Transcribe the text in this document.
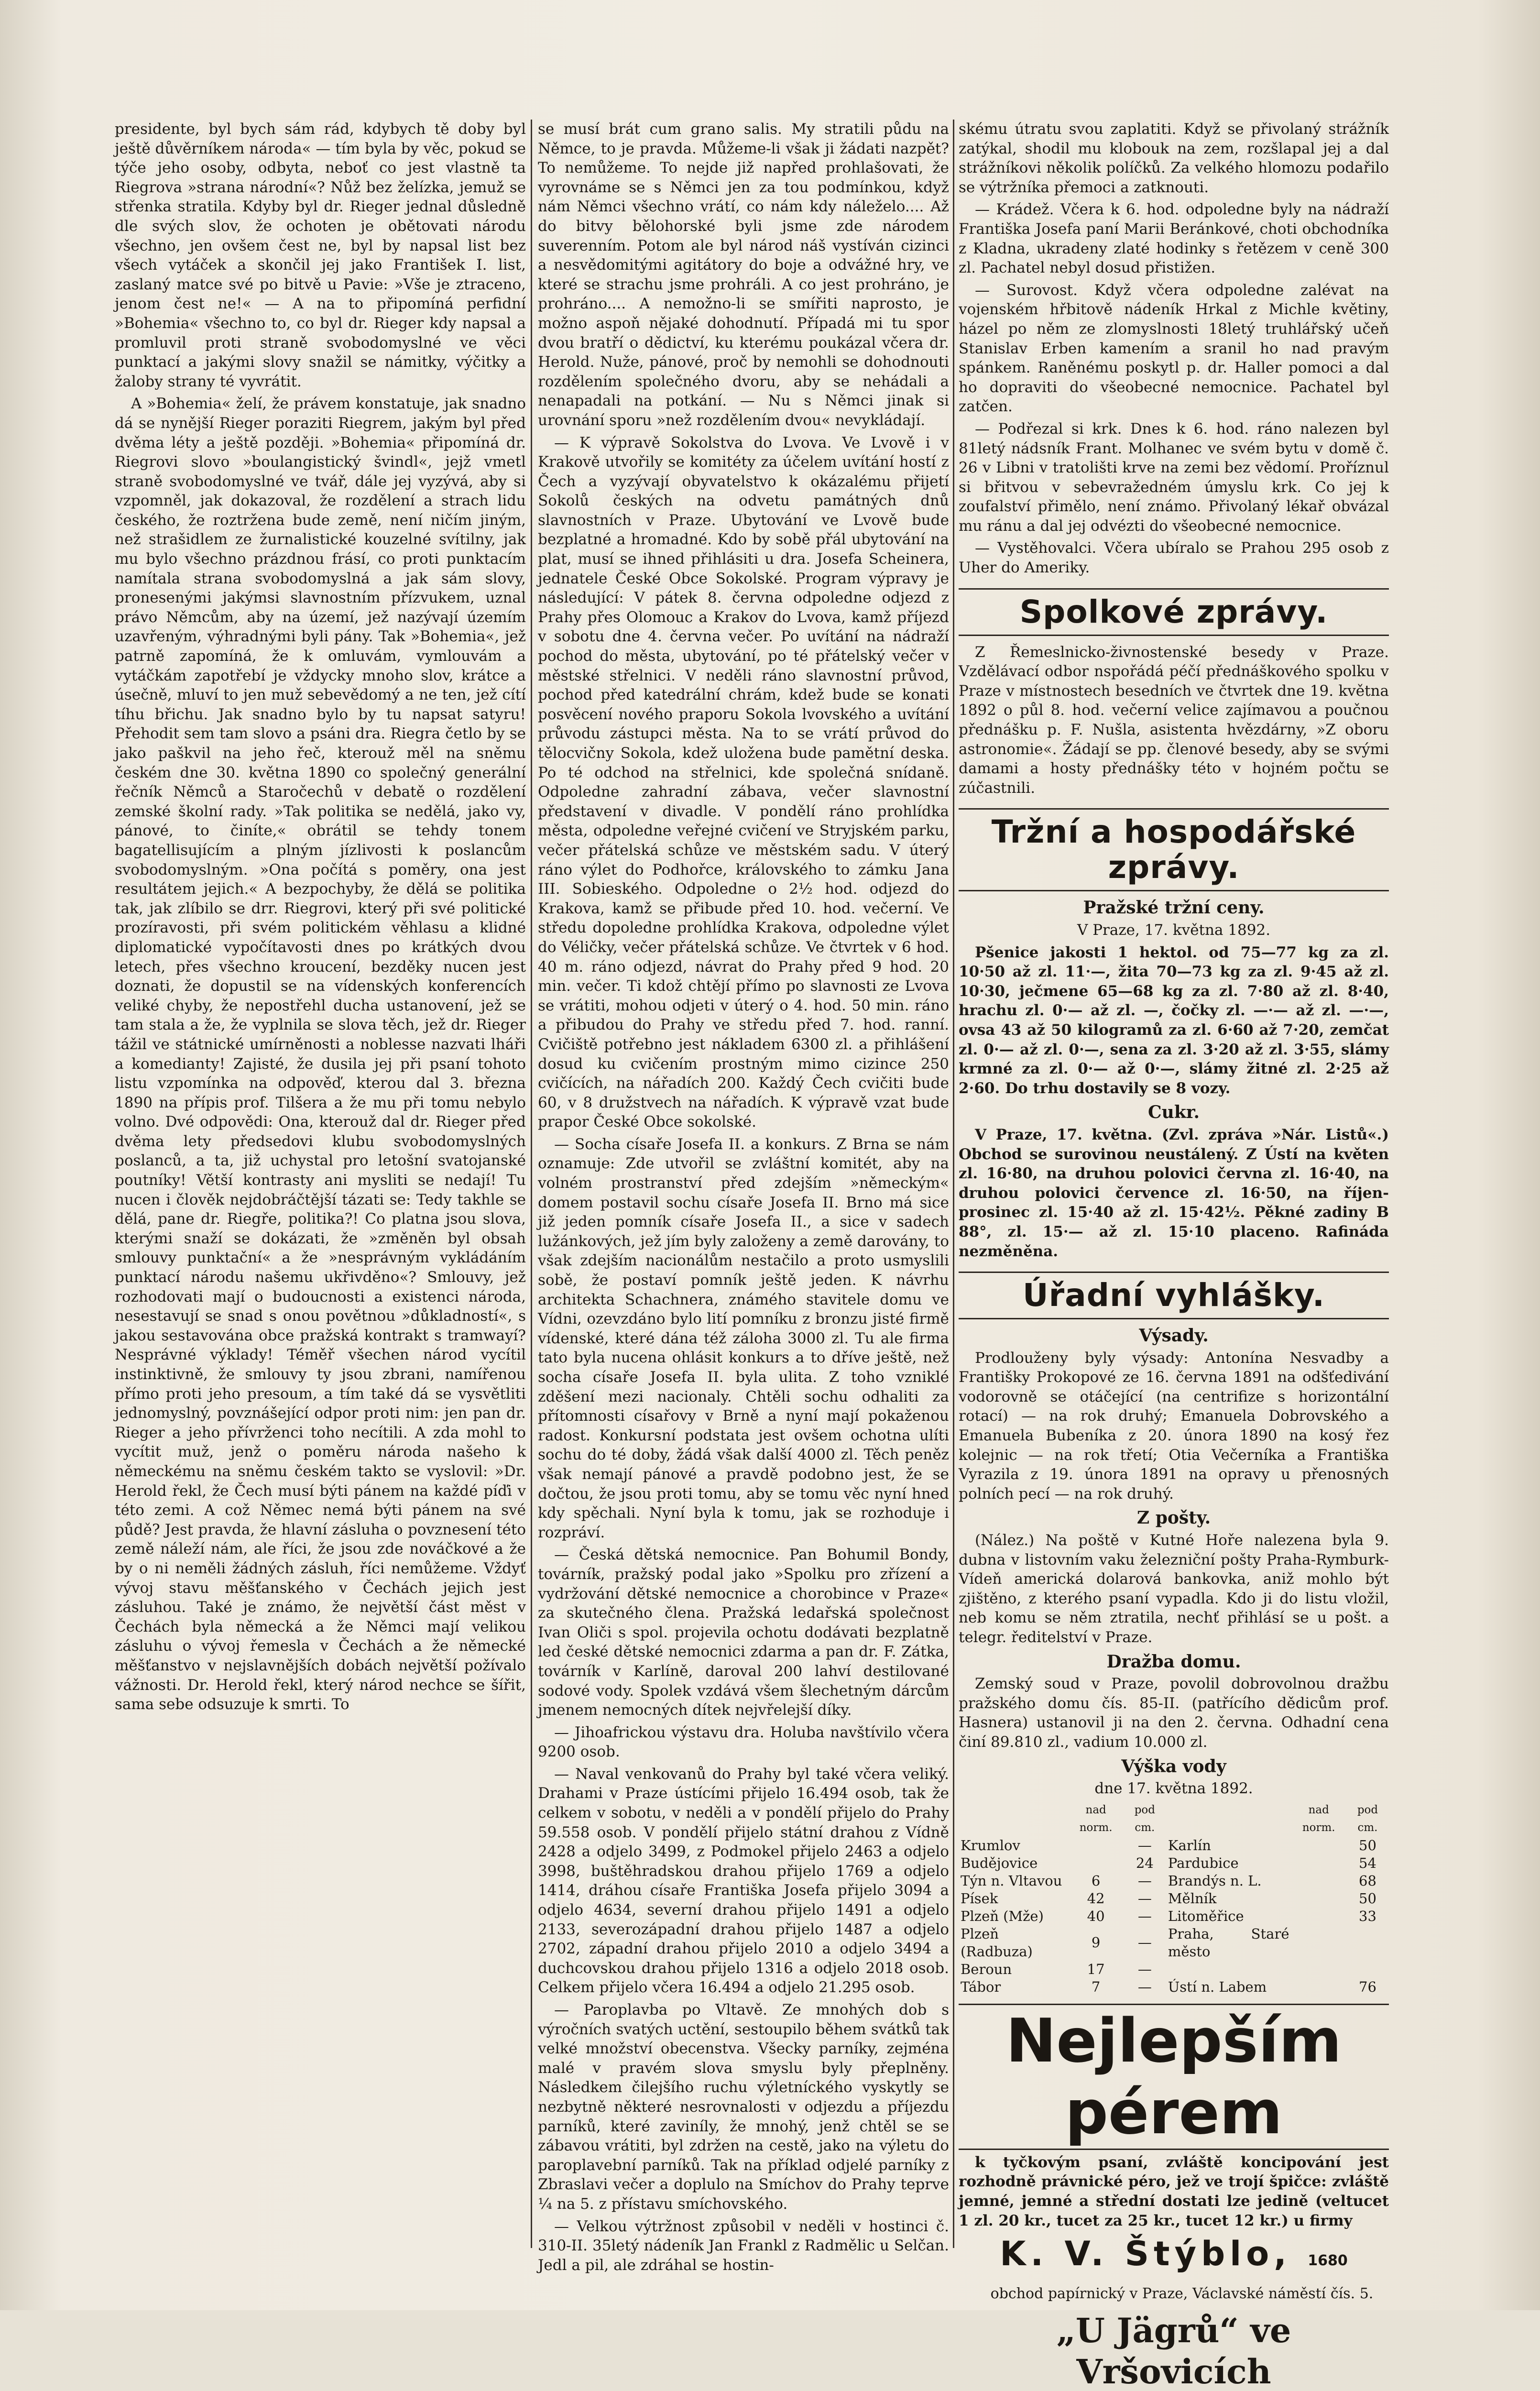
presidente, byl bych sám rád, kdybych tě doby byl ještě důvěrníkem národa« — tím byla by věc, pokud se týče jeho osoby, odbyta, neboť co jest vlastně ta Riegrova »strana národní«? Nůž bez želízka, jemuž se střenka stratila. Kdyby byl dr. Rieger jednal důsledně dle svých slov, že ochoten je obětovati národu všechno, jen ovšem čest ne, byl by napsal list bez všech vytáček a skončil jej jako František I. list, zaslaný matce své po bitvě u Pavie: »Vše je ztraceno, jenom čest ne!« — A na to připomíná perfidní »Bohemia« všechno to, co byl dr. Rieger kdy napsal a promluvil proti straně svobodomyslné ve věci punktací a jakými slovy snažil se námitky, výčitky a žaloby strany té vyvrátit.

A »Bohemia« želí, že právem konstatuje, jak snadno dá se nynější Rieger poraziti Riegrem, jakým byl před dvěma léty a ještě později. »Bohemia« připomíná dr. Riegrovi slovo »boulangistický švindl«, jejž vmetl straně svobodomyslné ve tvář, dále jej vyzývá, aby si vzpomněl, jak dokazoval, že rozdělení a strach lidu českého, že roztržena bude země, není ničím jiným, než strašidlem ze žurnalistické kouzelné svítilny, jak mu bylo všechno prázdnou frásí, co proti punktacím namítala strana svobodomyslná a jak sám slovy, pronesenými jakýmsi slavnostním přízvukem, uznal právo Němcům, aby na území, jež nazývají územím uzavřeným, výhradnými byli pány. Tak »Bohemia«, jež patrně zapomíná, že k omluvám, vymlouvám a vytáčkám zapotřebí je vždycky mnoho slov, krátce a úsečně, mluví to jen muž sebevědomý a ne ten, jež cítí tíhu břichu. Jak snadno bylo by tu napsat satyru! Přehodit sem tam slovo a psáni dra. Riegra četlo by se jako paškvil na jeho řeč, kterouž měl na sněmu českém dne 30. května 1890 co společný generální řečník Němců a Staročechů v debatě o rozdělení zemské školní rady. »Tak politika se nedělá, jako vy, pánové, to činíte,« obrátil se tehdy tonem bagatellisujícím a plným jízlivosti k poslancům svobodomyslným. »Ona počítá s poměry, ona jest resultátem jejich.« A bezpochyby, že dělá se politika tak, jak zlíbilo se drr. Riegrovi, který při své politické prozíravosti, při svém politickém věhlasu a klidné diplomatické vypočítavosti dnes po krátkých dvou letech, přes všechno kroucení, bezděky nucen jest doznati, že dopustil se na vídenských konferencích veliké chyby, že nepostřehl ducha ustanovení, jež se tam stala a že, že vyplnila se slova těch, jež dr. Rieger tážil ve státnické umírněnosti a noblesse nazvati lháři a komedianty! Zajisté, že dusila jej při psaní tohoto listu vzpomínka na odpověď, kterou dal 3. března 1890 na přípis prof. Tilšera a že mu při tomu nebylo volno. Dvé odpovědi: Ona, kterouž dal dr. Rieger před dvěma lety předsedovi klubu svobodomyslných poslanců, a ta, již uchystal pro letošní svatojanské poutníky! Větší kontrasty ani mysliti se nedají! Tu nucen i člověk nejdobráčtější tázati se: Tedy takhle se dělá, pane dr. Riegře, politika?! Co platna jsou slova, kterými snaží se dokázati, že »změněn byl obsah smlouvy punktační« a že »nesprávným vykládáním punktací národu našemu ukřivděno«? Smlouvy, jež rozhodovati mají o budoucnosti a existenci národa, nesestavují se snad s onou povětnou »důkladností«, s jakou sestavována obce pražská kontrakt s tramwayí? Nesprávné výklady! Téměř všechen národ vycítil instinktivně, že smlouvy ty jsou zbrani, namířenou přímo proti jeho presoum, a tím také dá se vysvětliti jednomyslný, povznášející odpor proti nim: jen pan dr. Rieger a jeho přívrženci toho necítili. A zda mohl to vycítit muž, jenž o poměru národa našeho k německému na sněmu českém takto se vyslovil: »Dr. Herold řekl, že Čech musí býti pánem na každé píďi v této zemi. A což Němec nemá býti pánem na své půdě? Jest pravda, že hlavní zásluha o povznesení této země náleží nám, ale říci, že jsou zde nováčkové a že by o ni neměli žádných zásluh, říci nemůžeme. Vždyť vývoj stavu měšťanského v Čechách jejich jest zásluhou. Také je známo, že největší část měst v Čechách byla německá a že Němci mají velikou zásluhu o vývoj řemesla v Čechách a že německé měšťanstvo v nejslavnějších dobách největší požívalo vážnosti. Dr. Herold řekl, který národ nechce se šířit, sama sebe odsuzuje k smrti. To

se musí brát cum grano salis. My stratili půdu na Němce, to je pravda. Můžeme-li však ji žádati nazpět? To nemůžeme. To nejde již napřed prohlašovati, že vyrovnáme se s Němci jen za tou podmínkou, když nám Němci všechno vrátí, co nám kdy náleželo.... Až do bitvy bělohorské byli jsme zde národem suverenním. Potom ale byl národ náš vystíván cizinci a nesvědomitými agitátory do boje a odvážné hry, ve které se strachu jsme prohráli. A co jest prohráno, je prohráno.... A nemožno-li se smířiti naprosto, je možno aspoň nějaké dohodnutí. Případá mi tu spor dvou bratří o dědictví, ku kterému poukázal včera dr. Herold. Nuže, pánové, proč by nemohli se dohodnouti rozdělením společného dvoru, aby se nehádali a nenapadali na potkání. — Nu s Němci jinak si urovnání sporu »než rozdělením dvou« nevykládají.

— K výpravě Sokolstva do Lvova. Ve Lvově i v Krakově utvořily se komitéty za účelem uvítání hostí z Čech a vyzývají obyvatelstvo k okázalému přijetí Sokolů českých na odvetu památných dnů slavnostních v Praze. Ubytování ve Lvově bude bezplatné a hromadné. Kdo by sobě přál ubytování na plat, musí se ihned přihlásiti u dra. Josefa Scheinera, jednatele České Obce Sokolské. Program výpravy je následující: V pátek 8. června odpoledne odjezd z Prahy přes Olomouc a Krakov do Lvova, kamž příjezd v sobotu dne 4. června večer. Po uvítání na nádraží pochod do města, ubytování, po té přátelský večer v městské střelnici. V neděli ráno slavnostní průvod, pochod před katedrální chrám, kdež bude se konati posvěcení nového praporu Sokola lvovského a uvítání průvodu zástupci města. Na to se vrátí průvod do tělocvičny Sokola, kdež uložena bude pamětní deska. Po té odchod na střelnici, kde společná snídaně. Odpoledne zahradní zábava, večer slavnostní představení v divadle. V pondělí ráno prohlídka města, odpoledne veřejné cvičení ve Stryjském parku, večer přátelská schůze ve městském sadu. V úterý ráno výlet do Podhořce, královského to zámku Jana III. Sobieského. Odpoledne o 2½ hod. odjezd do Krakova, kamž se přibude před 10. hod. večerní. Ve středu dopoledne prohlídka Krakova, odpoledne výlet do Véličky, večer přátelská schůze. Ve čtvrtek v 6 hod. 40 m. ráno odjezd, návrat do Prahy před 9 hod. 20 min. večer. Ti kdož chtějí přímo po slavnosti ze Lvova se vrátiti, mohou odjeti v úterý o 4. hod. 50 min. ráno a přibudou do Prahy ve středu před 7. hod. ranní. Cvičiště potřebno jest nákladem 6300 zl. a přihlášení dosud ku cvičením prostným mimo cizince 250 cvičících, na nářadích 200. Každý Čech cvičiti bude 60, v 8 družstvech na nářadích. K výpravě vzat bude prapor České Obce sokolské.

— Socha císaře Josefa II. a konkurs. Z Brna se nám oznamuje: Zde utvořil se zvláštní komitét, aby na volném prostranství před zdejším »německým« domem postavil sochu císaře Josefa II. Brno má sice již jeden pomník císaře Josefa II., a sice v sadech lužánkových, jež jím byly založeny a země darovány, to však zdejším nacionálům nestačilo a proto usmyslili sobě, že postaví pomník ještě jeden. K návrhu architekta Schachnera, známého stavitele domu ve Vídni, ozevzdáno bylo lití pomníku z bronzu jisté firmě vídenské, které dána též záloha 3000 zl. Tu ale firma tato byla nucena ohlásit konkurs a to dříve ještě, než socha císaře Josefa II. byla ulita. Z toho vzniklé zděšení mezi nacionaly. Chtěli sochu odhaliti za přítomnosti císařovy v Brně a nyní mají pokaženou radost. Konkursní podstata jest ovšem ochotna ulíti sochu do té doby, žádá však další 4000 zl. Těch peněz však nemají pánové a pravdě podobno jest, že se dočtou, že jsou proti tomu, aby se tomu věc nyní hned kdy spěchali. Nyní byla k tomu, jak se rozhoduje i rozpráví.

— Česká dětská nemocnice. Pan Bohumil Bondy, továrník, pražský podal jako »Spolku pro zřízení a vydržování dětské nemocnice a chorobince v Praze« za skutečného člena. Pražská ledařská společnost Ivan Oliči s spol. projevila ochotu dodávati bezplatně led české dětské nemocnici zdarma a pan dr. F. Zátka, továrník v Karlíně, daroval 200 lahví destilované sodové vody. Spolek vzdává všem šlechetným dárcům jmenem nemocných dítek nejvřelejší díky.

— Jihoafrickou výstavu dra. Holuba navštívilo včera 9200 osob.

— Naval venkovanů do Prahy byl také včera veliký. Drahami v Praze ústícími přijelo 16.494 osob, tak že celkem v sobotu, v neděli a v pondělí přijelo do Prahy 59.558 osob. V pondělí přijelo státní drahou z Vídně 2428 a odjelo 3499, z Podmokel přijelo 2463 a odjelo 3998, buštěhradskou drahou přijelo 1769 a odjelo 1414, dráhou císaře Františka Josefa přijelo 3094 a odjelo 4634, severní drahou přijelo 1491 a odjelo 2133, severozápadní drahou přijelo 1487 a odjelo 2702, západní drahou přijelo 2010 a odjelo 3494 a duchcovskou drahou přijelo 1316 a odjelo 2018 osob. Celkem přijelo včera 16.494 a odjelo 21.295 osob.

— Paroplavba po Vltavě. Ze mnohých dob s výročních svatých uctění, sestoupilo během svátků tak velké množství obecenstva. Všecky parníky, zejména malé v pravém slova smyslu byly přeplněny. Následkem čilejšího ruchu výletníckého vyskytly se nezbytně některé nesrovnalosti v odjezdu a příjezdu parníků, které zaviníly, že mnohý, jenž chtěl se se zábavou vrátiti, byl zdržen na cestě, jako na výletu do paroplavební parníků. Tak na příklad odjelé parníky z Zbraslavi večer a doplulo na Smíchov do Prahy teprve ¼ na 5. z přístavu smíchovského.

— Velkou výtržnost způsobil v neděli v hostinci č. 310-II. 35letý nádeník Jan Frankl z Radmělic u Selčan. Jedl a pil, ale zdráhal se hostin-

skému útratu svou zaplatiti. Když se přivolaný strážník zatýkal, shodil mu klobouk na zem, rozšlapal jej a dal strážníkovi několik políčků. Za velkého hlomozu podařilo se výtržníka přemoci a zatknouti.

— Krádež. Včera k 6. hod. odpoledne byly na nádraží Františka Josefa paní Marii Beránkové, choti obchodníka z Kladna, ukradeny zlaté hodinky s řetězem v ceně 300 zl. Pachatel nebyl dosud přistižen.

— Surovost. Když včera odpoledne zalévat na vojenském hřbitově nádeník Hrkal z Michle květiny, házel po něm ze zlomyslnosti 18letý truhlářský učeň Stanislav Erben kamením a sranil ho nad pravým spánkem. Raněnému poskytl p. dr. Haller pomoci a dal ho dopraviti do všeobecné nemocnice. Pachatel byl zatčen.

— Podřezal si krk. Dnes k 6. hod. ráno nalezen byl 81letý nádsník Frant. Molhanec ve svém bytu v domě č. 26 v Libni v tratolišti krve na zemi bez vědomí. Proříznul si břitvou v sebevražedném úmyslu krk. Co jej k zoufalství přimělo, není známo. Přivolaný lékař obvázal mu ránu a dal jej odvézti do všeobecné nemocnice.

— Vystěhovalci. Včera ubíralo se Prahou 295 osob z Uher do Ameriky.

Spolkové zprávy.

Z Řemeslnicko-živnostenské besedy v Praze. Vzdělávací odbor nspořádá péčí přednáškového spolku v Praze v místnostech besedních ve čtvrtek dne 19. května 1892 o půl 8. hod. večerní velice zajímavou a poučnou přednášku p. F. Nušla, asistenta hvězdárny, »Z oboru astronomie«. Žádají se pp. členové besedy, aby se svými damami a hosty přednášky této v hojném počtu se zúčastnili.

Tržní a hospodářské zprávy.
Pražské tržní ceny.

V Praze, 17. května 1892.

Pšenice jakosti 1 hektol. od 75—77 kg za zl. 10·50 až zl. 11·—, žita 70—73 kg za zl. 9·45 až zl. 10·30, ječmene 65—68 kg za zl. 7·80 až zl. 8·40, hrachu zl. 0·— až zl. —, čočky zl. —·— až zl. —·—, ovsa 43 až 50 kilogramů za zl. 6·60 až 7·20, zemčat zl. 0·— až zl. 0·—, sena za zl. 3·20 až zl. 3·55, slámy krmné za zl. 0·— až 0·—, slámy žitné zl. 2·25 až 2·60. Do trhu dostavily se 8 vozy.

Cukr.

V Praze, 17. května. (Zvl. zpráva »Nár. Listů«.) Obchod se surovinou neustálený. Z Ústí na květen zl. 16·80, na druhou polovici června zl. 16·40, na druhou polovici července zl. 16·50, na říjen-prosinec zl. 15·40 až zl. 15·42½. Pěkné zadiny B 88°, zl. 15·— až zl. 15·10 placeno. Rafináda nezměněna.

Úřadní vyhlášky.
Výsady.

Prodlouženy byly výsady: Antonína Nesvadby a Františky Prokopové ze 16. června 1891 na odšťedivání vodorovně se otáčející (na centrifize s horizontální rotací) — na rok druhý; Emanuela Dobrovského a Emanuela Bubeníka z 20. února 1890 na kosý řez kolejnic — na rok třetí; Otia Večerníka a Františka Vyrazila z 19. února 1891 na opravy u přenosných polních pecí — na rok druhý.

Z pošty.

(Nález.) Na poště v Kutné Hoře nalezena byla 9. dubna v listovním vaku železniční pošty Praha-Rymburk-Vídeň americká dolarová bankovka, aniž mohlo být zjištěno, z kterého psaní vypadla. Kdo ji do listu vložil, neb komu se něm ztratila, nechť přihlásí se u pošt. a telegr. ředitelství v Praze.

Dražba domu.

Zemský soud v Praze, povolil dobrovolnou dražbu pražského domu čís. 85-II. (patřícího dědicům prof. Hasnera) ustanovil ji na den 2. června. Odhadní cena činí 89.810 zl., vadium 10.000 zl.

Výška vody

dne 17. května 1892.

	nad norm.	pod cm.		nad norm.	pod cm.
Krumlov		—	Karlín		50
Budějovice		24	Pardubice		54
Týn n. Vltavou	6	—	Brandýs n. L.		68
Písek	42	—	Mělník		50
Plzeň (Mže)	40	—	Litoměřice		33
Plzeň (Radbuza)	9	—	Praha, Staré město		
Beroun	17	—			
Tábor	7	—	Ústí n. Labem		76
Nejlepším pérem

k tyčkovým psaní, zvláště koncipování jest rozhodně právnické péro, jež ve trojí špičce: zvláště jemné, jemné a střední dostati lze jedině (veltucet 1 zl. 20 kr., tucet za 25 kr., tucet 12 kr.) u firmy

K. V. Štýblo, 1680

obchod papírnický v Praze, Václavské náměstí čís. 5.

„U Jägrů“ ve Vršovicích
